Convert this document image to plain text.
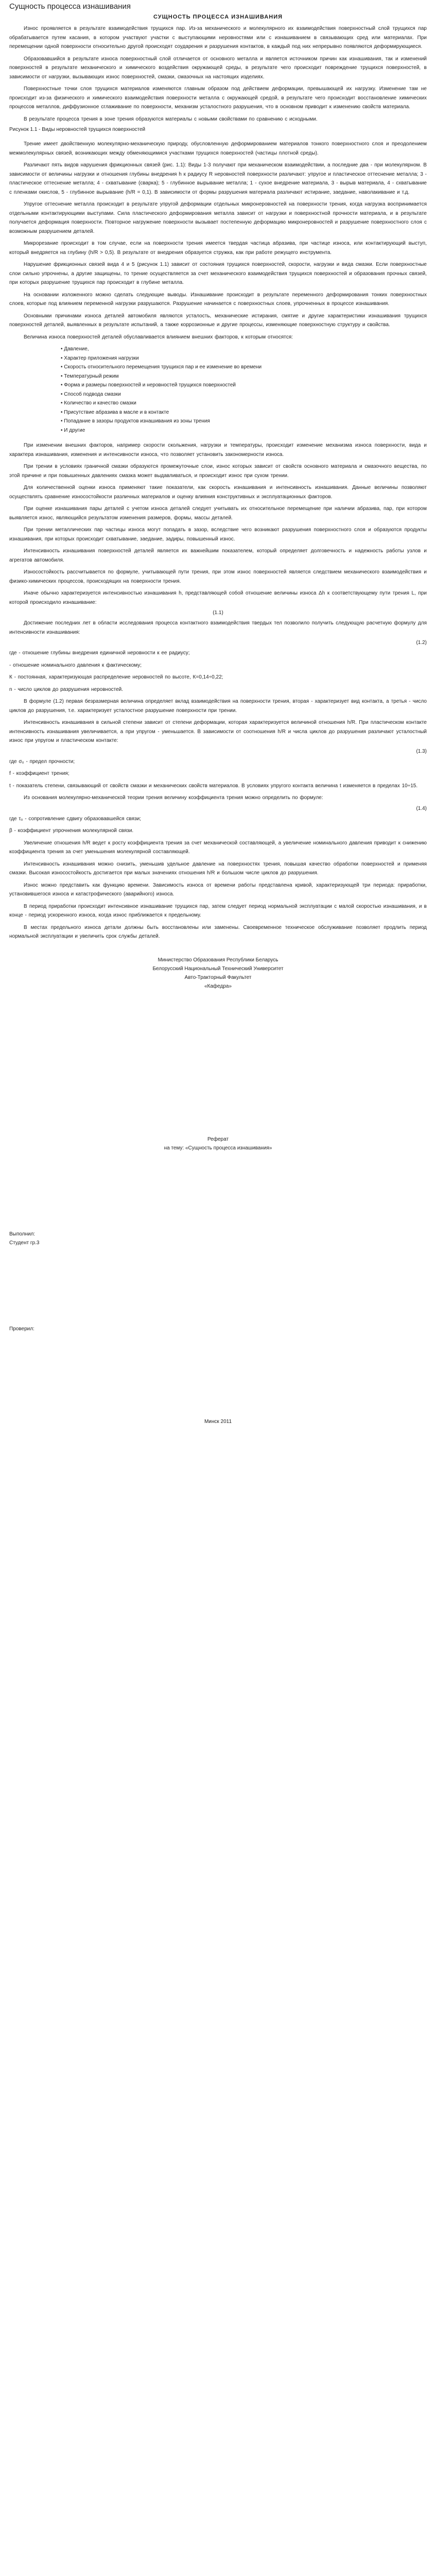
Сущность процесса изнашивания
СУЩНОСТЬ ПРОЦЕССА ИЗНАШИВАНИЯ

Износ проявляется в результате взаимодействия трущихся пар. Из-за механического и молекулярного их взаимодействия поверхностный слой трущихся пар обрабатывается путем касания, в котором участвуют участки с выступающими неровностями или с изнашиванием в связывающих сред или материалах. При перемещении одной поверхности относительно другой происходят соударения и разрушения контактов, в каждый под них непрерывно появляются деформирующиеся.

Образовавшийся в результате износа поверхностный слой отличается от основного металла и является источником причин как изнашивания, так и изменений поверхностей в результате механического и химического воздействия окружающей среды, в результате чего происходит повреждение трущихся поверхностей, в зависимости от нагрузки, вызывающих износ поверхностей, смазки, смазочных на настоящих изделиях.

Поверхностные точки слоя трущихся материалов изменяются главным образом под действием деформации, превышающей их нагрузку. Изменение там не происходит из-за физического и химического взаимодействия поверхности металла с окружающей средой, в результате чего происходит восстановление химических процессов металлов, диффузионное сглаживание по поверхности, механизм усталостного разрушения, что в основном приводит к изменению свойств материала.

В результате процесса трения в зоне трения образуются материалы с новыми свойствами по сравнению с исходными.

Рисунок 1.1 - Виды неровностей трущихся поверхностей

Трение имеет двойственную молекулярно-механическую природу, обусловленную деформированием материалов тонкого поверхностного слоя и преодолением межмолекулярных связей, возникающих между обменяющимися участками трущихся поверхностей (частицы плотной среды).

Различают пять видов нарушения фрикционных связей (рис. 1.1): Виды 1-3 получают при механическом взаимодействии, а последние два - при молекулярном. В зависимости от величины нагрузки и отношения глубины внедрения h к радиусу R неровностей поверхности различают: упругое и пластическое оттеснение металла; 3 - пластическое оттеснение металла; 4 - схватывание (сварка); 5 - глубинное вырывание металла; 1 - сухое внедрение материала, 3 - вырыв материала, 4 - схватывание с пленками окислов, 5 - глубинное вырывание (h/R = 0,1). В зависимости от формы разрушения материала различают истирание, заедание, наволакивание и т.д.

Упругое оттеснение металла происходит в результате упругой деформации отдельных микронеровностей на поверхности трения, когда нагрузка воспринимается отдельными контактирующими выступами. Сила пластического деформирования металла зависит от нагрузки и поверхностной прочности материала, и в результате получается деформация поверхности. Повторное нагружение поверхности вызывает постепенную деформацию микронеровностей и разрушение поверхностного слоя с возможным разрушением деталей.

Микрорезание происходит в том случае, если на поверхности трения имеется твердая частица абразива, при частице износа, или контактирующий выступ, который внедряется на глубину (h/R > 0,5). В результате от внедрения образуется стружка, как при работе режущего инструмента.

Нарушение фрикционных связей вида 4 и 5 (рисунок 1.1) зависит от состояния трущихся поверхностей, скорости, нагрузки и вида смазки. Если поверхностные слои сильно упрочнены, а другие защищены, то трение осуществляется за счет механического взаимодействия трущихся поверхностей и образования прочных связей, при которых разрушение трущихся пар происходит в глубине металла.

На основании изложенного можно сделать следующие выводы. Изнашивание происходит в результате переменного деформирования тонких поверхностных слоев, которые под влиянием переменной нагрузки разрушаются. Разрушение начинается с поверхностных слоев, упрочненных в процессе изнашивания.

Основными причинами износа деталей автомобиля являются усталость, механические истирания, смятие и другие характеристики изнашивания трущихся поверхностей деталей, выявленных в результате испытаний, а также коррозионные и другие процессы, изменяющие поверхностную структуру и свойства.

Величина износа поверхностей деталей обуславливается влиянием внешних факторов, к которым относятся:

• Давление,
• Характер приложения нагрузки
• Скорость относительного перемещения трущихся пар и ее изменение во времени
• Температурный режим
• Форма и размеры поверхностей и неровностей трущихся поверхностей
• Способ подвода смазки
• Количество и качество смазки
• Присутствие абразива в масле и в контакте
• Попадание в зазоры продуктов изнашивания из зоны трения
• И другие

При изменении внешних факторов, например скорости скольжения, нагрузки и температуры, происходит изменение механизма износа поверхности, вида и характера изнашивания, изменения и интенсивности износа, что позволяет установить закономерности износа.

При трении в условиях граничной смазки образуются промежуточные слои, износ которых зависит от свойств основного материала и смазочного вещества, по этой причине и при повышенных давлениях смазка может выдавливаться, и происходит износ при сухом трении.

Для количественной оценки износа применяют такие показатели, как скорость изнашивания и интенсивность изнашивания. Данные величины позволяют осуществлять сравнение износостойкости различных материалов и оценку влияния конструктивных и эксплуатационных факторов.

При оценке изнашивания пары деталей с учетом износа деталей следует учитывать их относительное перемещение при наличии абразива, пар, при котором выявляется износ, являющийся результатом изменения размеров, формы, массы деталей.

При трении металлических пар частицы износа могут попадать в зазор, вследствие чего возникают разрушения поверхностного слоя и образуются продукты изнашивания, при которых происходит схватывание, заедание, задиры, повышенный износ.

Интенсивность изнашивания поверхностей деталей является их важнейшим показателем, который определяет долговечность и надежность работы узлов и агрегатов автомобиля.

Износостойкость рассчитывается по формуле, учитывающей пути трения, при этом износ поверхностей является следствием механического взаимодействия и физико-химических процессов, происходящих на поверхности трения.

Иначе обычно характеризуется интенсивностью изнашивания h, представляющей собой отношение величины износа Δh к соответствующему пути трения L, при которой происходило изнашивание:

(1.1)

Достижение последних лет в области исследования процесса контактного взаимодействия твердых тел позволило получить следующую расчетную формулу для интенсивности изнашивания:

(1.2)

где - отношение глубины внедрения единичной неровности к ее радиусу;

- отношение номинального давления к фактическому;

К - постоянная, характеризующая распределение неровностей по высоте, К=0,14÷0,22;

n - число циклов до разрушения неровностей.

В формуле (1.2) первая безразмерная величина определяет вклад взаимодействия на поверхности трения, вторая - характеризует вид контакта, а третья - число циклов до разрушения, т.е. характеризует усталостное разрушение поверхности при трении.

Интенсивность изнашивания в сильной степени зависит от степени деформации, которая характеризуется величиной отношения h/R. При пластическом контакте интенсивность изнашивания увеличивается, а при упругом - уменьшается. В зависимости от соотношения h/R и числа циклов до разрушения различают усталостный износ при упругом и пластическом контакте:

(1.3)

где σ₀ - предел прочности;

f - коэффициент трения;

t - показатель степени, связывающий от свойств смазки и механических свойств материалов. В условиях упругого контакта величина t изменяется в пределах 10÷15.

Из основания молекулярно-механической теории трения величину коэффициента трения можно определить по формуле:

(1.4)

где τ₀ - сопротивление сдвигу образовавшейся связи;

β - коэффициент упрочнения молекулярной связи.

Увеличение отношения h/R ведет к росту коэффициента трения за счет механической составляющей, а увеличение номинального давления приводит к снижению коэффициента трения за счет уменьшения молекулярной составляющей.

Интенсивность изнашивания можно снизить, уменьшив удельное давление на поверхностях трения, повышая качество обработки поверхностей и применяя смазки. Высокая износостойкость достигается при малых значениях отношения h/R и большом числе циклов до разрушения.

Износ можно представить как функцию времени. Зависимость износа от времени работы представлена кривой, характеризующей три периода: приработки, установившегося износа и катастрофического (аварийного) износа.

В период приработки происходит интенсивное изнашивание трущихся пар, затем следует период нормальной эксплуатации с малой скоростью изнашивания, и в конце - период ускоренного износа, когда износ приближается к предельному.

В местах предельного износа детали должны быть восстановлены или заменены. Своевременное техническое обслуживание позволяет продлить период нормальной эксплуатации и увеличить срок службы деталей.

Министерство Образования Республики Беларусь
Белорусский Национальный Технический Университет
Авто-Тракторный Факультет
«Кафедра»
Реферат
на тему: «Сущность процесса изнашивания»
Выполнил:
Студент гр.3
Проверил:
Минск 2011
